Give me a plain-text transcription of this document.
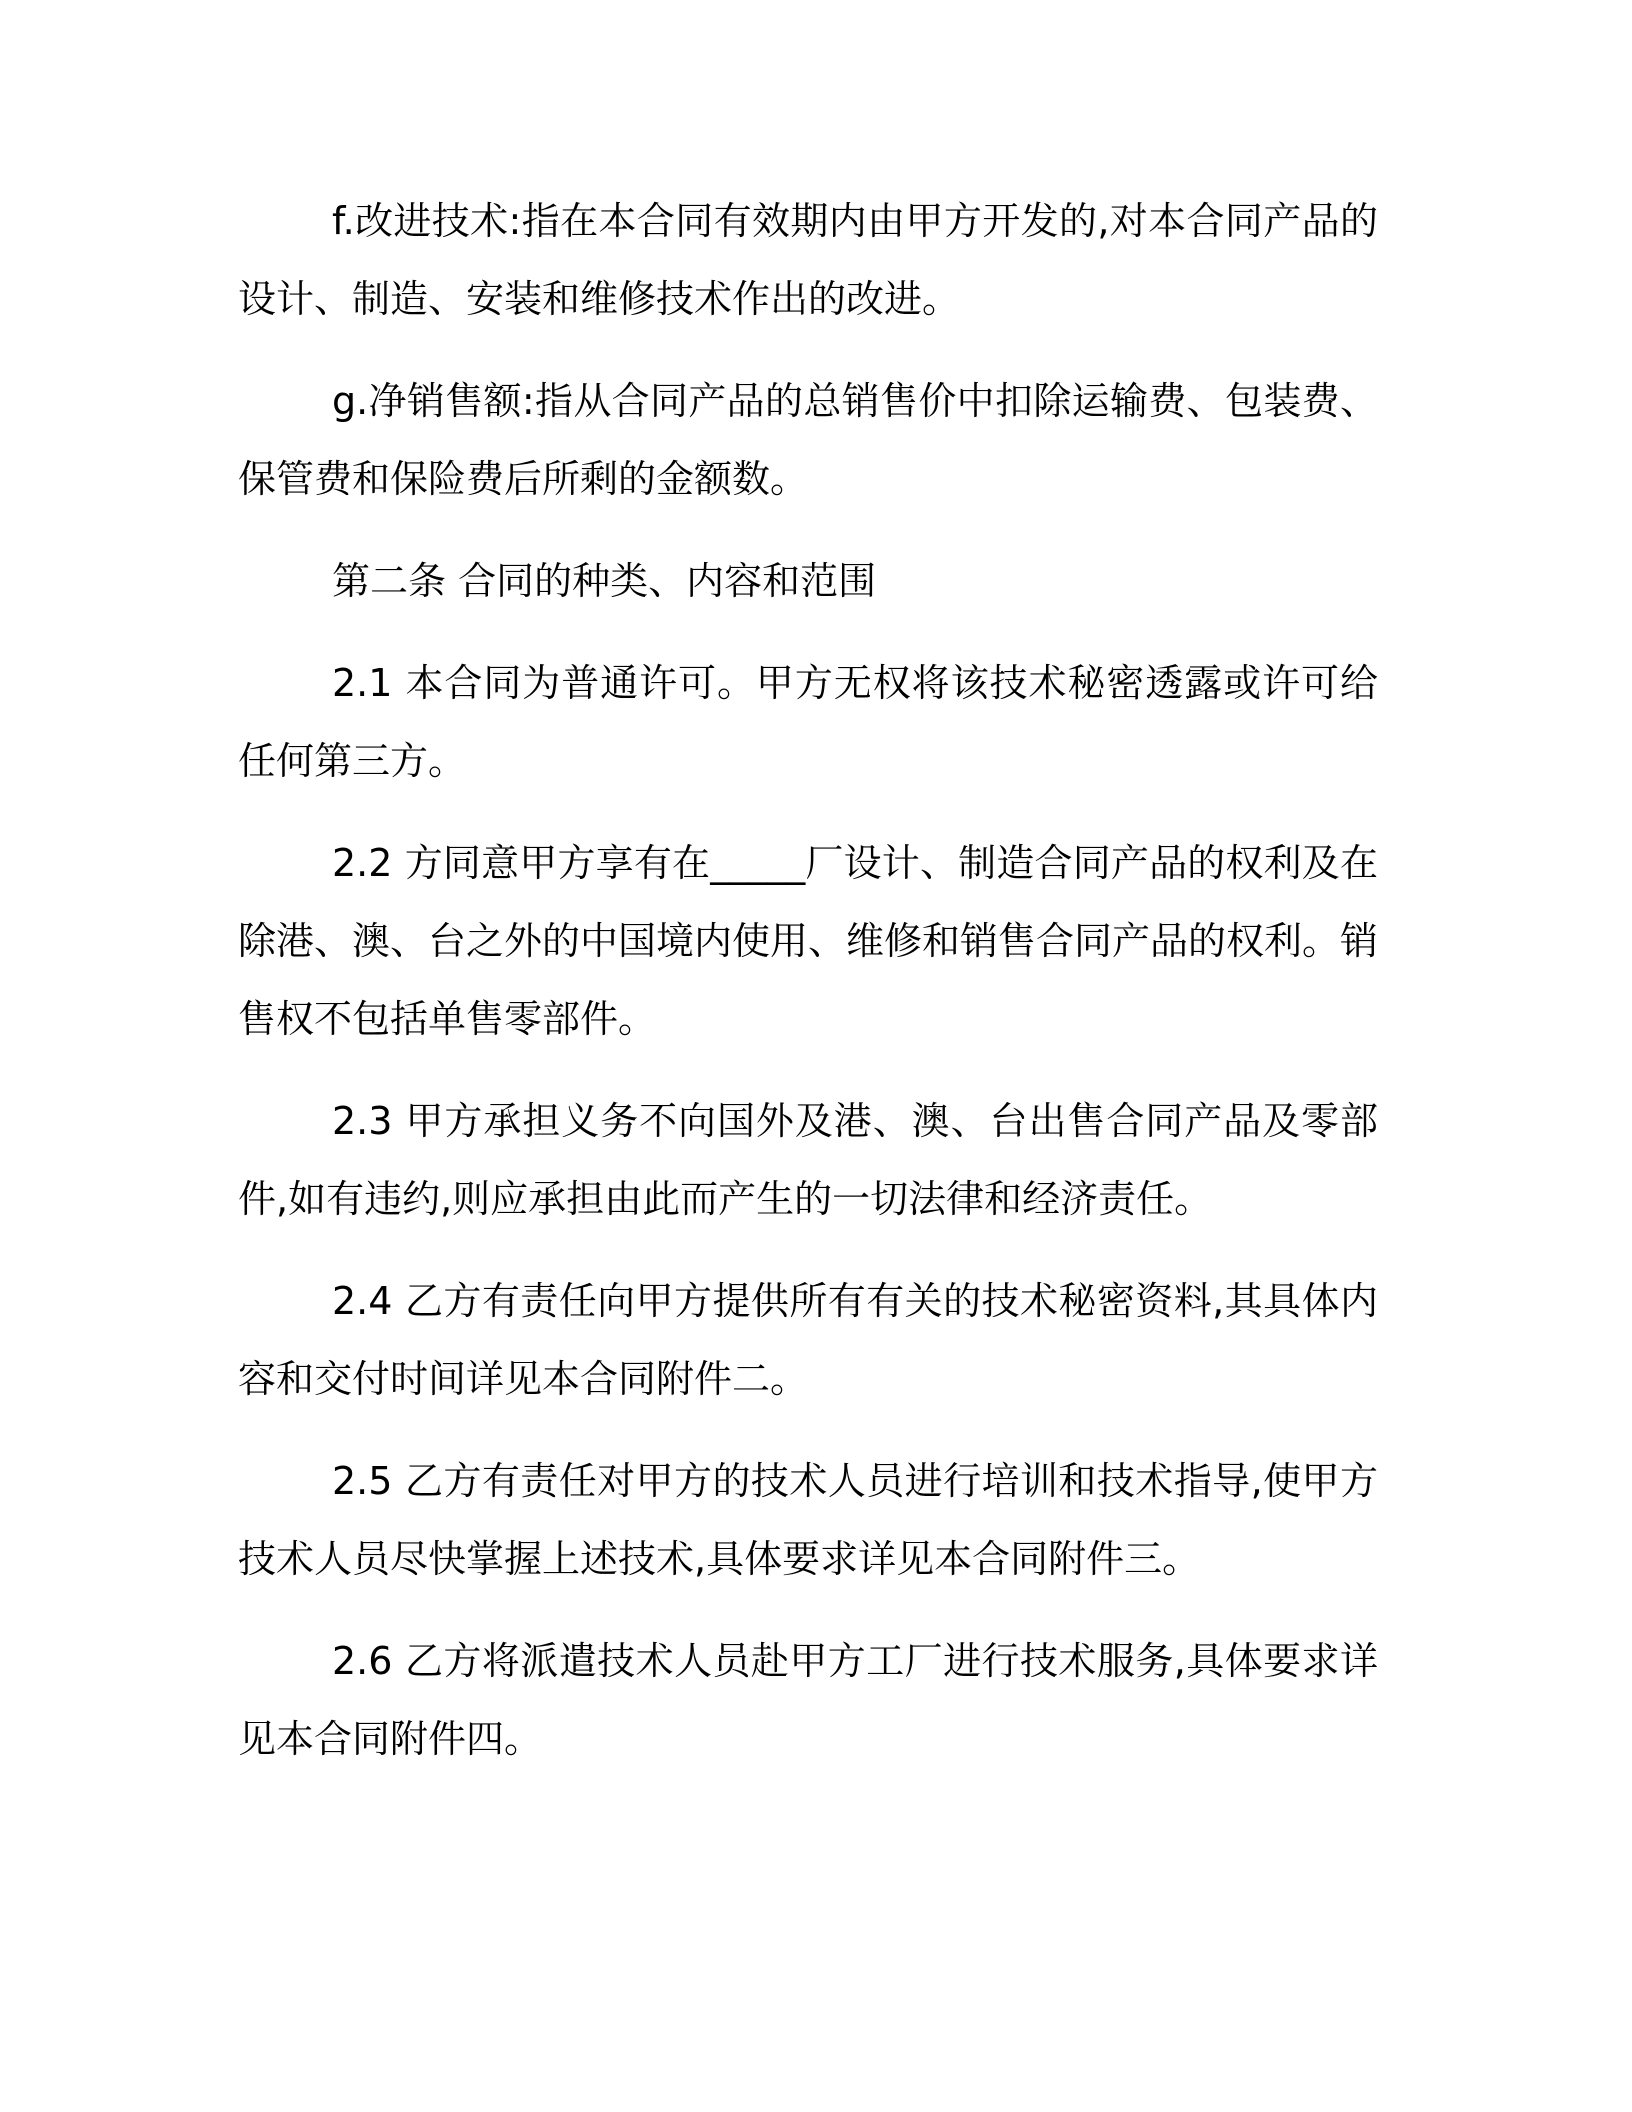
f.改进技术:指在本合同有效期内由甲方开发的,对本合同产品的设计、制造、安装和维修技术作出的改进。

g.净销售额:指从合同产品的总销售价中扣除运输费、包装费、保管费和保险费后所剩的金额数。

第二条 合同的种类、内容和范围

2.1 本合同为普通许可。甲方无权将该技术秘密透露或许可给任何第三方。

2.2 方同意甲方享有在_____厂设计、制造合同产品的权利及在除港、澳、台之外的中国境内使用、维修和销售合同产品的权利。销售权不包括单售零部件。

2.3 甲方承担义务不向国外及港、澳、台出售合同产品及零部件,如有违约,则应承担由此而产生的一切法律和经济责任。

2.4 乙方有责任向甲方提供所有有关的技术秘密资料,其具体内容和交付时间详见本合同附件二。

2.5 乙方有责任对甲方的技术人员进行培训和技术指导,使甲方技术人员尽快掌握上述技术,具体要求详见本合同附件三。

2.6 乙方将派遣技术人员赴甲方工厂进行技术服务,具体要求详见本合同附件四。
